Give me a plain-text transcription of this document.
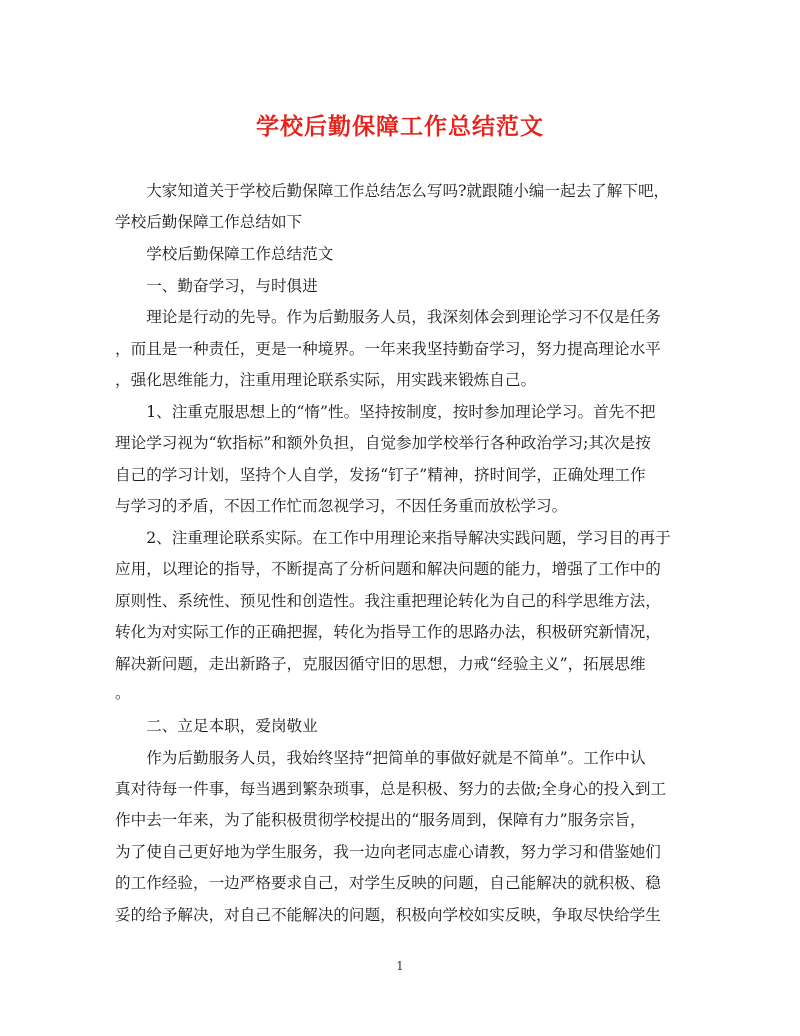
学校后勤保障工作总结范文
　　大家知道关于学校后勤保障工作总结怎么写吗?就跟随小编一起去了解下吧，
学校后勤保障工作总结如下
　　学校后勤保障工作总结范文
　　一、勤奋学习，与时俱进
　　理论是行动的先导。作为后勤服务人员，我深刻体会到理论学习不仅是任务
，而且是一种责任，更是一种境界。一年来我坚持勤奋学习，努力提高理论水平
，强化思维能力，注重用理论联系实际，用实践来锻炼自己。
　　1、注重克服思想上的“惰”性。坚持按制度，按时参加理论学习。首先不把
理论学习视为“软指标”和额外负担，自觉参加学校举行各种政治学习;其次是按
自己的学习计划，坚持个人自学，发扬“钉子”精神，挤时间学，正确处理工作
与学习的矛盾，不因工作忙而忽视学习，不因任务重而放松学习。
　　2、注重理论联系实际。在工作中用理论来指导解决实践问题，学习目的再于
应用，以理论的指导，不断提高了分析问题和解决问题的能力，增强了工作中的
原则性、系统性、预见性和创造性。我注重把理论转化为自己的科学思维方法，
转化为对实际工作的正确把握，转化为指导工作的思路办法，积极研究新情况，
解决新问题，走出新路子，克服因循守旧的思想，力戒“经验主义”，拓展思维
。
　　二、立足本职，爱岗敬业
　　作为后勤服务人员，我始终坚持“把简单的事做好就是不简单”。工作中认
真对待每一件事，每当遇到繁杂琐事，总是积极、努力的去做;全身心的投入到工
作中去一年来，为了能积极贯彻学校提出的“服务周到，保障有力”服务宗旨，
为了使自己更好地为学生服务，我一边向老同志虚心请教，努力学习和借鉴她们
的工作经验，一边严格要求自己，对学生反映的问题，自己能解决的就积极、稳
妥的给予解决，对自己不能解决的问题，积极向学校如实反映，争取尽快给学生
1
